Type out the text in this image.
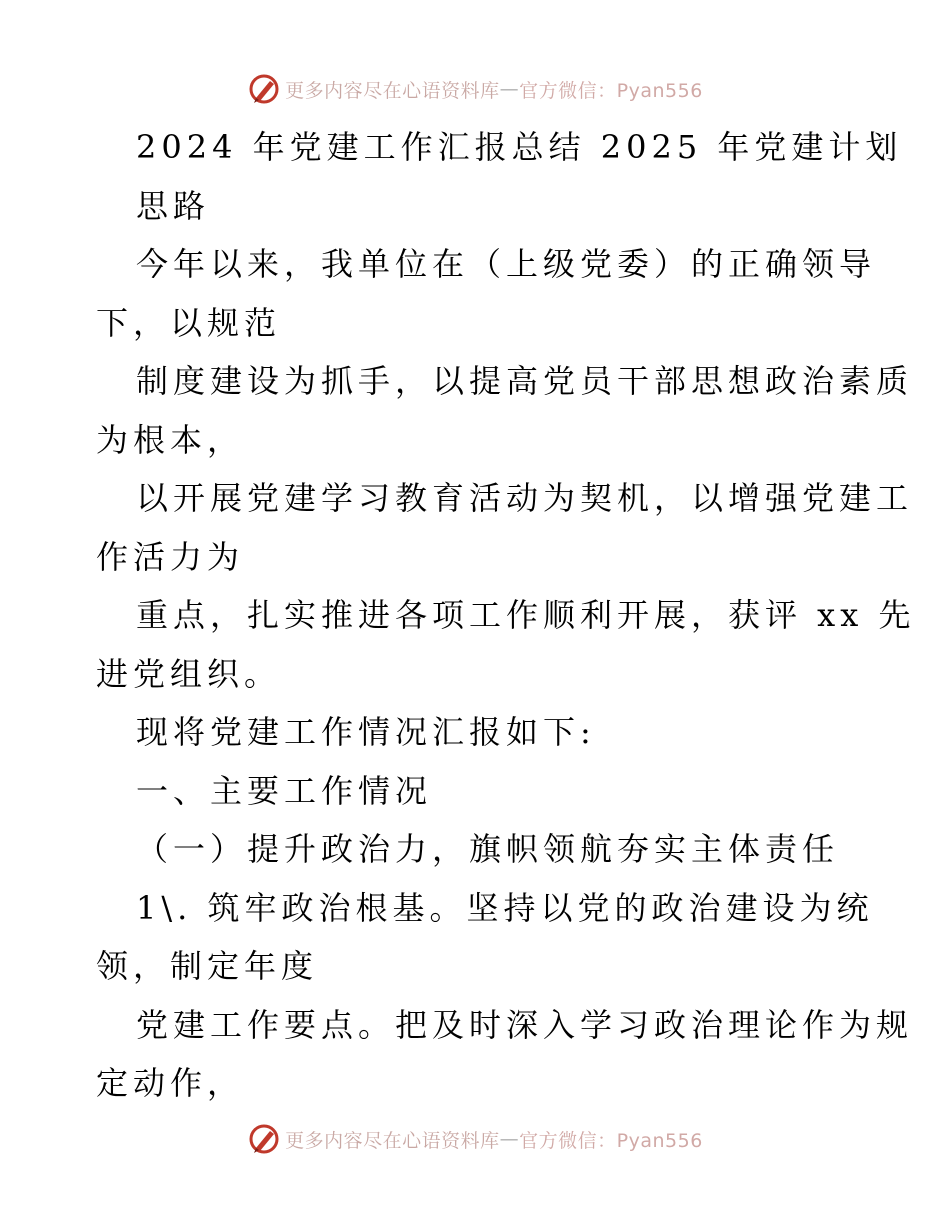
更多内容尽在心语资料库 — 官方微信：Pyan556

2024 年党建工作汇报总结 2025 年党建计划

思路

今年以来，我单位在（上级党委）的正确领导

下，以规范

制度建设为抓手，以提高党员干部思想政治素质

为根本，

以开展党建学习教育活动为契机，以增强党建工

作活力为

重点，扎实推进各项工作顺利开展，获评 xx 先

进党组织。

现将党建工作情况汇报如下:

一、主要工作情况

（一）提升政治力，旗帜领航夯实主体责任

1\. 筑牢政治根基。坚持以党的政治建设为统

领，制定年度

党建工作要点。把及时深入学习政治理论作为规

定动作，

更多内容尽在心语资料库 — 官方微信：Pyan556
